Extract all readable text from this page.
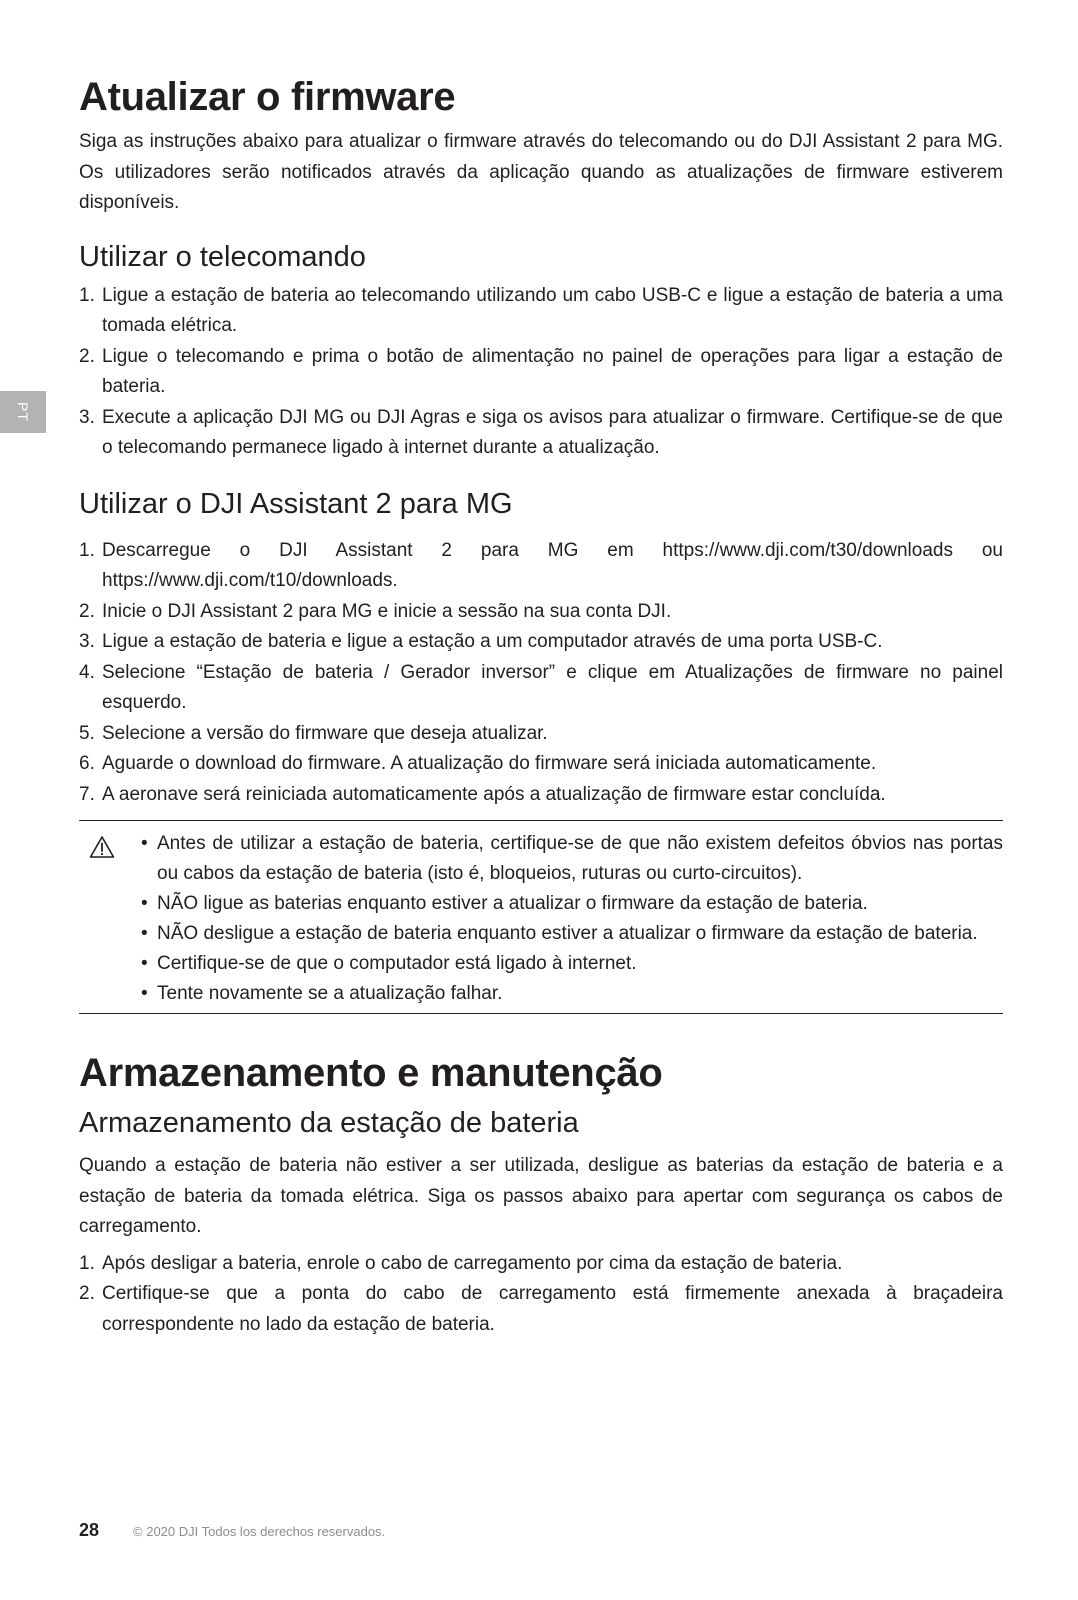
PT
Atualizar o firmware

Siga as instruções abaixo para atualizar o firmware através do telecomando ou do DJI Assistant 2 para MG. Os utilizadores serão notificados através da aplicação quando as atualizações de firmware estiverem disponíveis.

Utilizar o telecomando
1. Ligue a estação de bateria ao telecomando utilizando um cabo USB-C e ligue a estação de bateria a uma tomada elétrica.
2. Ligue o telecomando e prima o botão de alimentação no painel de operações para ligar a estação de bateria.
3. Execute a aplicação DJI MG ou DJI Agras e siga os avisos para atualizar o firmware. Certifique-se de que o telecomando permanece ligado à internet durante a atualização.
Utilizar o DJI Assistant 2 para MG
1. Descarregue o DJI Assistant 2 para MG em https://www.dji.com/t30/downloads ou https://www.dji.com/t10/downloads.
2. Inicie o DJI Assistant 2 para MG e inicie a sessão na sua conta DJI.
3. Ligue a estação de bateria e ligue a estação a um computador através de uma porta USB-C.
4. Selecione “Estação de bateria / Gerador inversor” e clique em Atualizações de firmware no painel esquerdo.
5. Selecione a versão do firmware que deseja atualizar.
6. Aguarde o download do firmware. A atualização do firmware será iniciada automaticamente.
7. A aeronave será reiniciada automaticamente após a atualização de firmware estar concluída.
• Antes de utilizar a estação de bateria, certifique-se de que não existem defeitos óbvios nas portas ou cabos da estação de bateria (isto é, bloqueios, ruturas ou curto-circuitos).
• NÃO ligue as baterias enquanto estiver a atualizar o firmware da estação de bateria.
• NÃO desligue a estação de bateria enquanto estiver a atualizar o firmware da estação de bateria.
• Certifique-se de que o computador está ligado à internet.
• Tente novamente se a atualização falhar.
Armazenamento e manutenção
Armazenamento da estação de bateria

Quando a estação de bateria não estiver a ser utilizada, desligue as baterias da estação de bateria e a estação de bateria da tomada elétrica. Siga os passos abaixo para apertar com segurança os cabos de carregamento.

1. Após desligar a bateria, enrole o cabo de carregamento por cima da estação de bateria.
2. Certifique-se que a ponta do cabo de carregamento está firmemente anexada à braçadeira correspondente no lado da estação de bateria.
28	© 2020 DJI Todos los derechos reservados.
